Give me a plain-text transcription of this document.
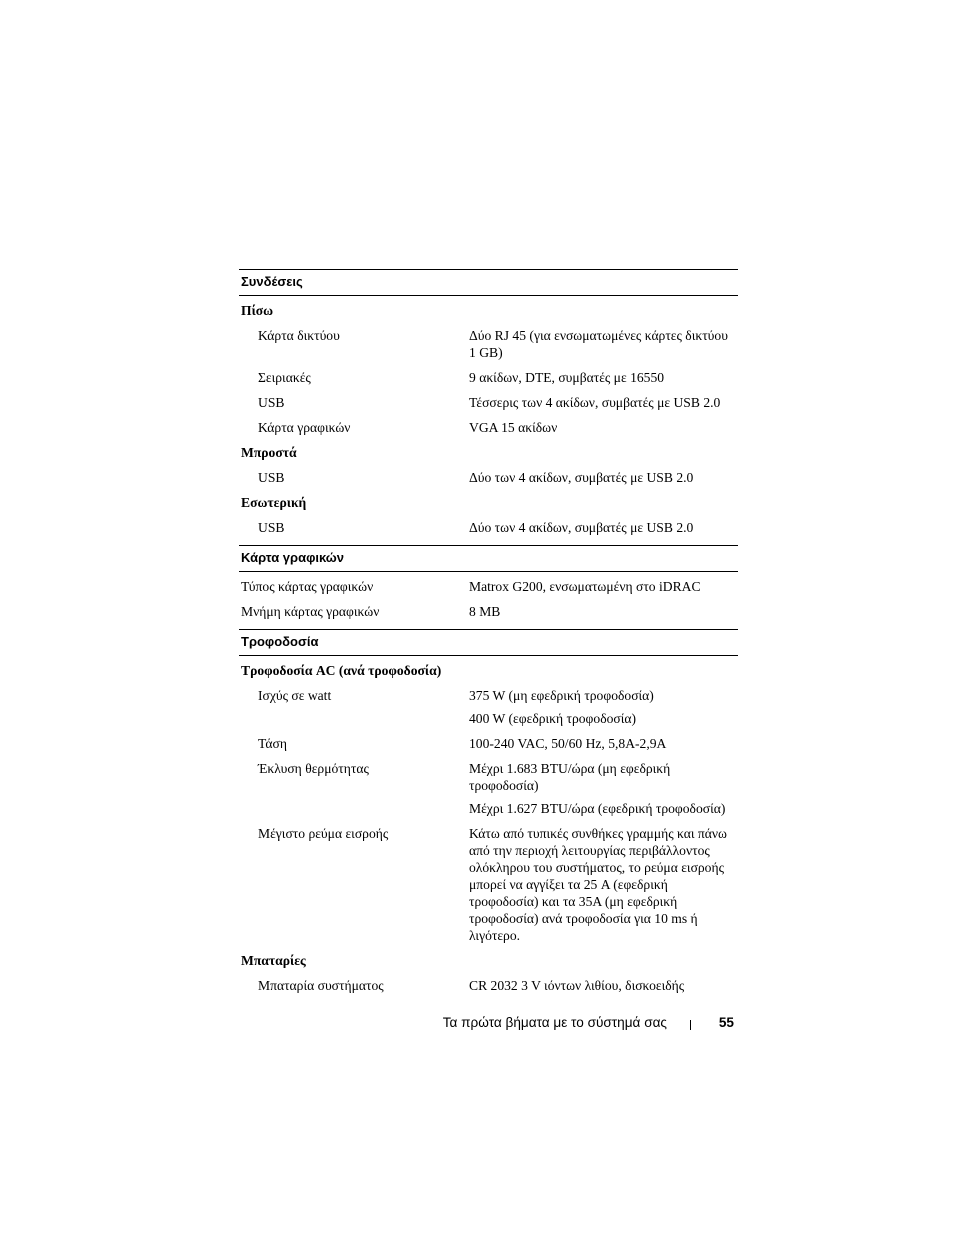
Συνδέσεις
Πίσω
Κάρτα δικτύου	Δύο RJ 45 (για ενσωματωμένες κάρτες δικτύου 1 GB)
Σειριακές	9 ακίδων, DTE, συμβατές με 16550
USB	Τέσσερις των 4 ακίδων, συμβατές με USB 2.0
Κάρτα γραφικών	VGA 15 ακίδων
Μπροστά
USB	Δύο των 4 ακίδων, συμβατές με USB 2.0
Εσωτερική
USB	Δύο των 4 ακίδων, συμβατές με USB 2.0
Κάρτα γραφικών
Τύπος κάρτας γραφικών	Matrox G200, ενσωματωμένη στο iDRAC
Μνήμη κάρτας γραφικών	8 MB
Τροφοδοσία
Τροφοδοσία AC (ανά τροφοδοσία)
Ισχύς σε watt	375 W (μη εφεδρική τροφοδοσία)
400 W (εφεδρική τροφοδοσία)
Τάση	100-240 VAC, 50/60 Hz, 5,8A-2,9A
Έκλυση θερμότητας	Μέχρι 1.683 BTU/ώρα (μη εφεδρική τροφοδοσία)
Μέχρι 1.627 BTU/ώρα (εφεδρική τροφοδοσία)
Μέγιστο ρεύμα εισροής	Κάτω από τυπικές συνθήκες γραμμής και πάνω από την περιοχή λειτουργίας περιβάλλοντος ολόκληρου του συστήματος, το ρεύμα εισροής μπορεί να αγγίξει τα 25 A (εφεδρική τροφοδοσία) και τα 35A (μη εφεδρική τροφοδοσία) ανά τροφοδοσία για 10 ms ή λιγότερο.
Μπαταρίες
Μπαταρία συστήματος	CR 2032 3 V ιόντων λιθίου, δισκοειδής
Τα πρώτα βήματα με το σύστημά σας	55
